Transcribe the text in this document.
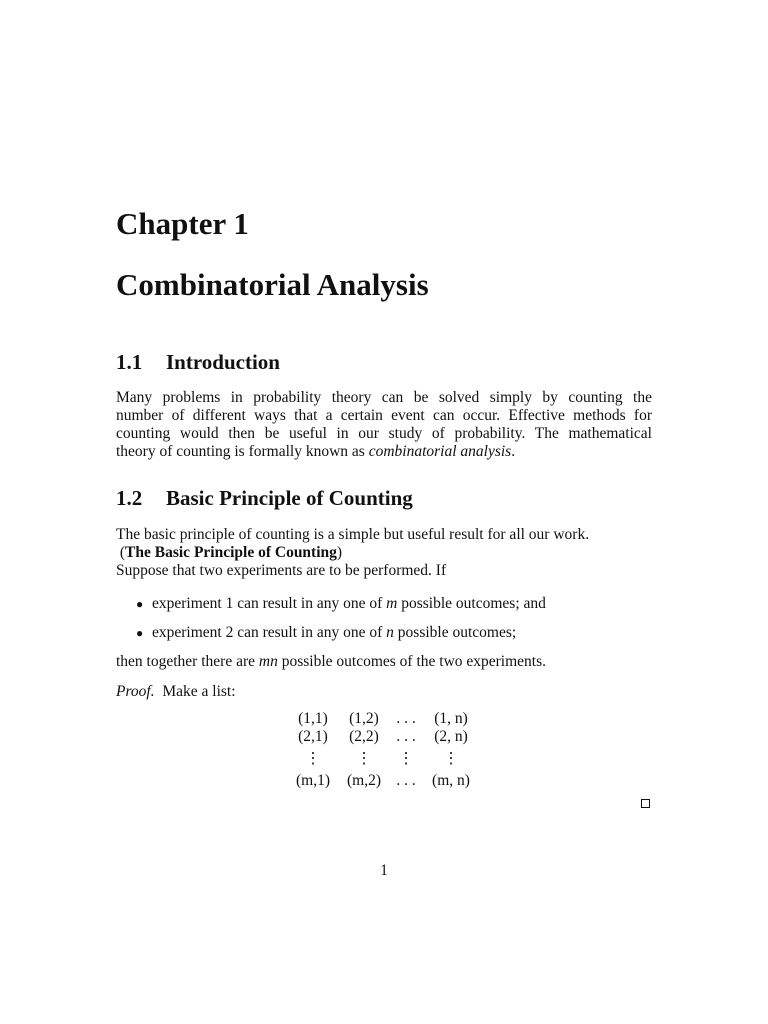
Chapter 1
Combinatorial Analysis
1.1 Introduction
Many problems in probability theory can be solved simply by counting the
number of different ways that a certain event can occur. Effective methods for
counting would then be useful in our study of probability. The mathematical
theory of counting is formally known as combinatorial analysis.
1.2 Basic Principle of Counting
The basic principle of counting is a simple but useful result for all our work.
(The Basic Principle of Counting)
Suppose that two experiments are to be performed. If
● experiment 1 can result in any one of m possible outcomes; and
● experiment 2 can result in any one of n possible outcomes;
then together there are mn possible outcomes of the two experiments.
Proof. Make a list:
(1,1)	(1,2)	. . .	(1, n)
(2,1)	(2,2)	. . .	(2, n)
⋮	⋮	⋮	⋮
(m,1)	(m,2) . . .	(m, n)
1
